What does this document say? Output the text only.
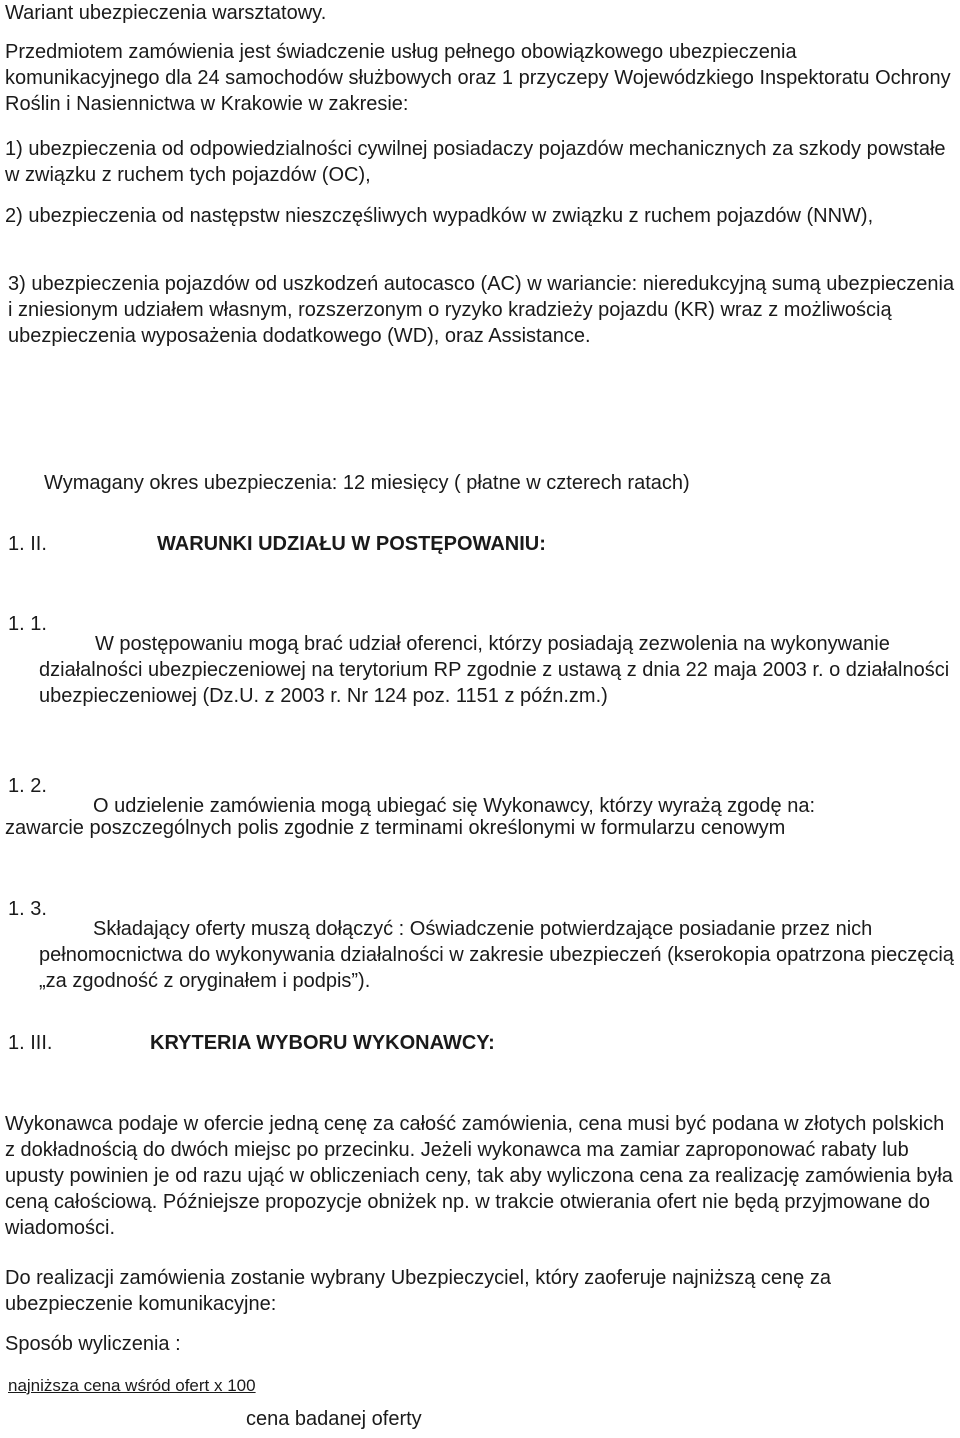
Wariant ubezpieczenia warsztatowy.

Przedmiotem zamówienia jest świadczenie usług pełnego obowiązkowego ubezpieczenia komunikacyjnego dla 24 samochodów służbowych oraz 1 przyczepy Wojewódzkiego Inspektoratu Ochrony Roślin i Nasiennictwa w Krakowie w zakresie:

1) ubezpieczenia od odpowiedzialności cywilnej posiadaczy pojazdów mechanicznych za szkody powstałe w związku z ruchem tych pojazdów (OC),

2) ubezpieczenia od następstw nieszczęśliwych wypadków w związku z ruchem pojazdów (NNW),

3) ubezpieczenia pojazdów od uszkodzeń autocasco (AC) w wariancie: nieredukcyjną sumą ubezpieczenia i zniesionym udziałem własnym, rozszerzonym o ryzyko kradzieży pojazdu (KR) wraz z możliwością ubezpieczenia wyposażenia dodatkowego (WD), oraz Assistance.

Wymagany okres ubezpieczenia: 12 miesięcy ( płatne w czterech ratach)

1. II.	WARUNKI UDZIAŁU W POSTĘPOWANIU:
1. 1.

W postępowaniu mogą brać udział oferenci, którzy posiadają zezwolenia na wykonywanie działalności ubezpieczeniowej na terytorium RP zgodnie z ustawą z dnia 22 maja 2003 r. o działalności ubezpieczeniowej (Dz.U. z 2003 r. Nr 124 poz. 1151 z późn.zm.)

1. 2.

O udzielenie zamówienia mogą ubiegać się Wykonawcy, którzy wyrażą zgodę na:

zawarcie poszczególnych polis zgodnie z terminami określonymi w formularzu cenowym

1. 3.

Składający oferty muszą dołączyć : Oświadczenie potwierdzające posiadanie przez nich pełnomocnictwa do wykonywania działalności w zakresie ubezpieczeń (kserokopia opatrzona pieczęcią „za zgodność z oryginałem i podpis”).

1. III.	KRYTERIA WYBORU WYKONAWCY:

Wykonawca podaje w ofercie jedną cenę za całość zamówienia, cena musi być podana w złotych polskich z dokładnością do dwóch miejsc po przecinku. Jeżeli wykonawca ma zamiar zaproponować rabaty lub upusty powinien je od razu ująć w obliczeniach ceny, tak aby wyliczona cena za realizację zamówienia była ceną całościową. Późniejsze propozycje obniżek np. w trakcie otwierania ofert nie będą przyjmowane do wiadomości.

Do realizacji zamówienia zostanie wybrany Ubezpieczyciel, który zaoferuje najniższą cenę za ubezpieczenie komunikacyjne:

Sposób wyliczenia :

najniższa cena wśród ofert x 100
cena badanej oferty
